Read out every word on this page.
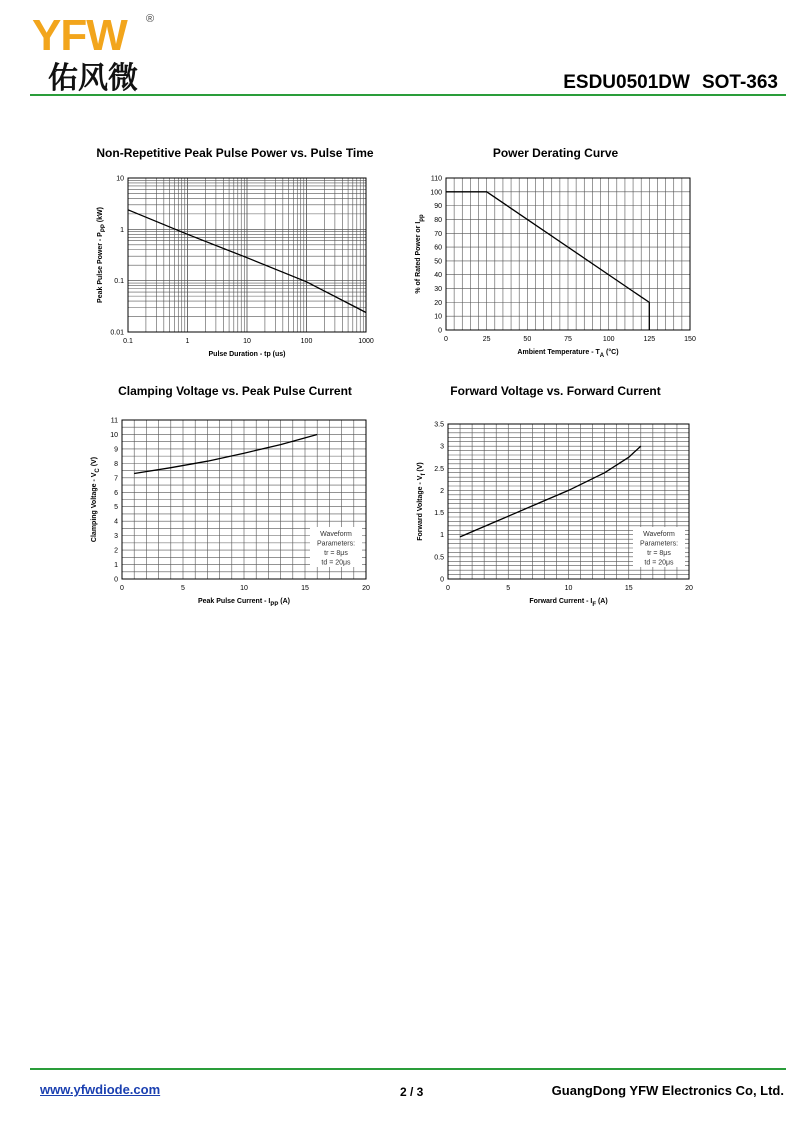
YFW ®
佑风微	ESDU0501DW SOT-363
Non-Repetitive Peak Pulse Power vs. Pulse Time
0.1	1	10	100	1000
0.01
0.1
1
10
Pulse Duration - tp (us)
Peak Pulse Power - $P_{PP}$ (kW)
Power Derating Curve
0	25	50	75	100	125	150
0
10
20
30
40
50
60
70
80
90
100
110
Ambient Temperature - $T_A$ (°C)
% of Rated Power or $I_{pp}$
Clamping Voltage vs. Peak Pulse Current
0	5	10	15	20
0
1
2
3
4
5
6
7
8
9
10
11
Peak Pulse Current - $I_{PP}$ (A)
Clamping Voltage - $V_C$ (V)
Waveform
Parameters:
tr = 8μs
td = 20μs
Forward Voltage vs. Forward Current
0	5	10	15	20
0
0.5
1
1.5
2
2.5
3
3.5
Forward Current - $I_F$ (A)
Forward Voltage - $V_f$ (V)
Waveform
Parameters:
tr = 8μs
td = 20μs
www.yfwdiode.com	2 / 3	GuangDong YFW Electronics Co, Ltd.
